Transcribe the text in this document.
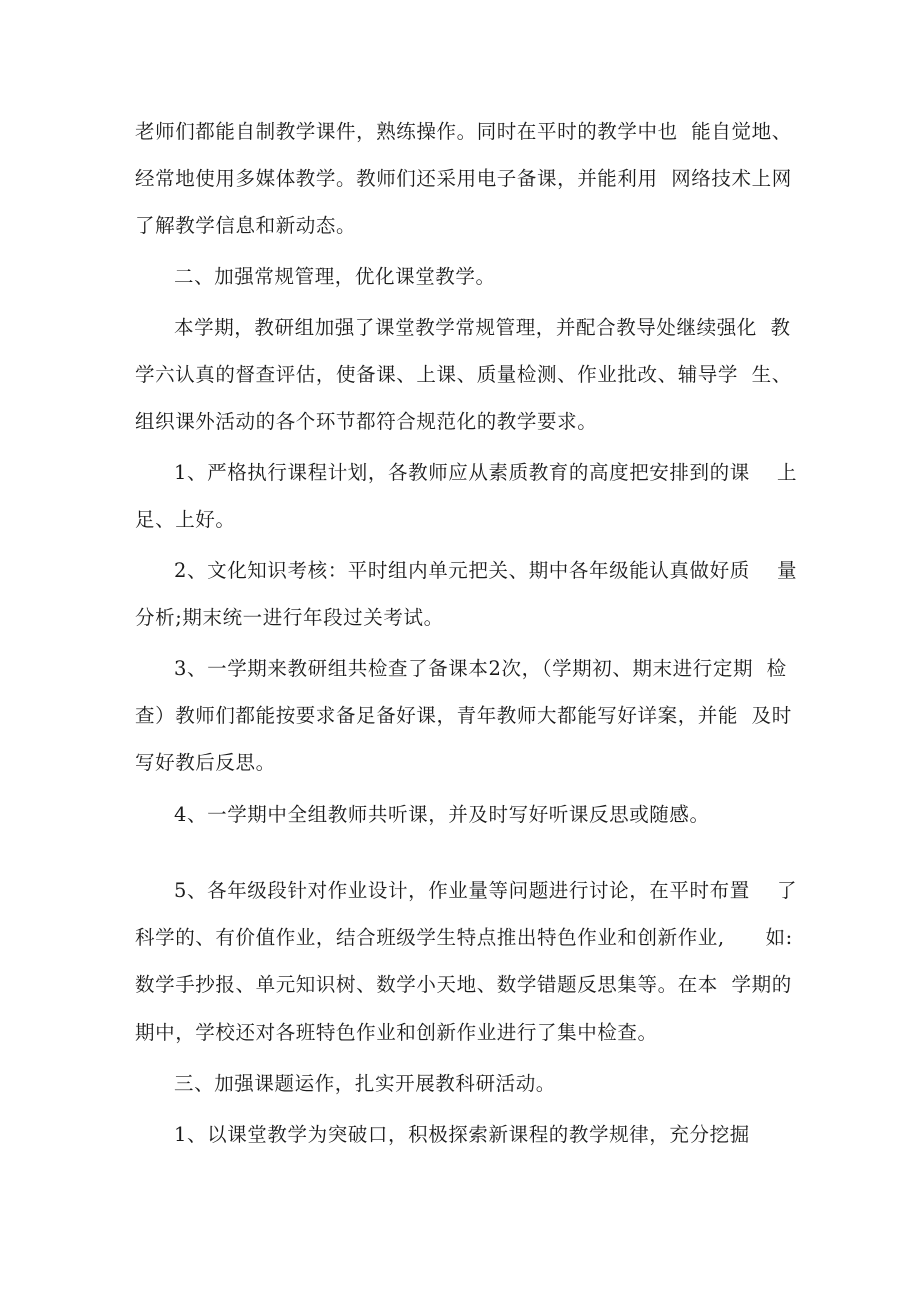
老师们都能自制教学课件，熟练操作。同时在平时的教学中也  能自觉地、
经常地使用多媒体教学。教师们还采用电子备课，并能利用  网络技术上网
了解教学信息和新动态。
二、加强常规管理，优化课堂教学。
本学期，教研组加强了课堂教学常规管理，并配合教导处继续强化  教
学六认真的督查评估，使备课、上课、质量检测、作业批改、辅导学  生、
组织课外活动的各个环节都符合规范化的教学要求。
1、严格执行课程计划，各教师应从素质教育的高度把安排到的课    上
足、上好。
2、文化知识考核：平时组内单元把关、期中各年级能认真做好质    量
分析;期末统一进行年段过关考试。
3、一学期来教研组共检查了备课本2次，（学期初、期末进行定期  检
查）教师们都能按要求备足备好课，青年教师大都能写好详案，并能  及时
写好教后反思。
4、一学期中全组教师共听课，并及时写好听课反思或随感。
5、各年级段针对作业设计，作业量等问题进行讨论，在平时布置    了
科学的、有价值作业，结合班级学生特点推出特色作业和创新作业,      如:
数学手抄报、单元知识树、数学小天地、数学错题反思集等。在本  学期的
期中，学校还对各班特色作业和创新作业进行了集中检查。
三、加强课题运作，扎实开展教科研活动。
1、以课堂教学为突破口，积极探索新课程的教学规律，充分挖掘
